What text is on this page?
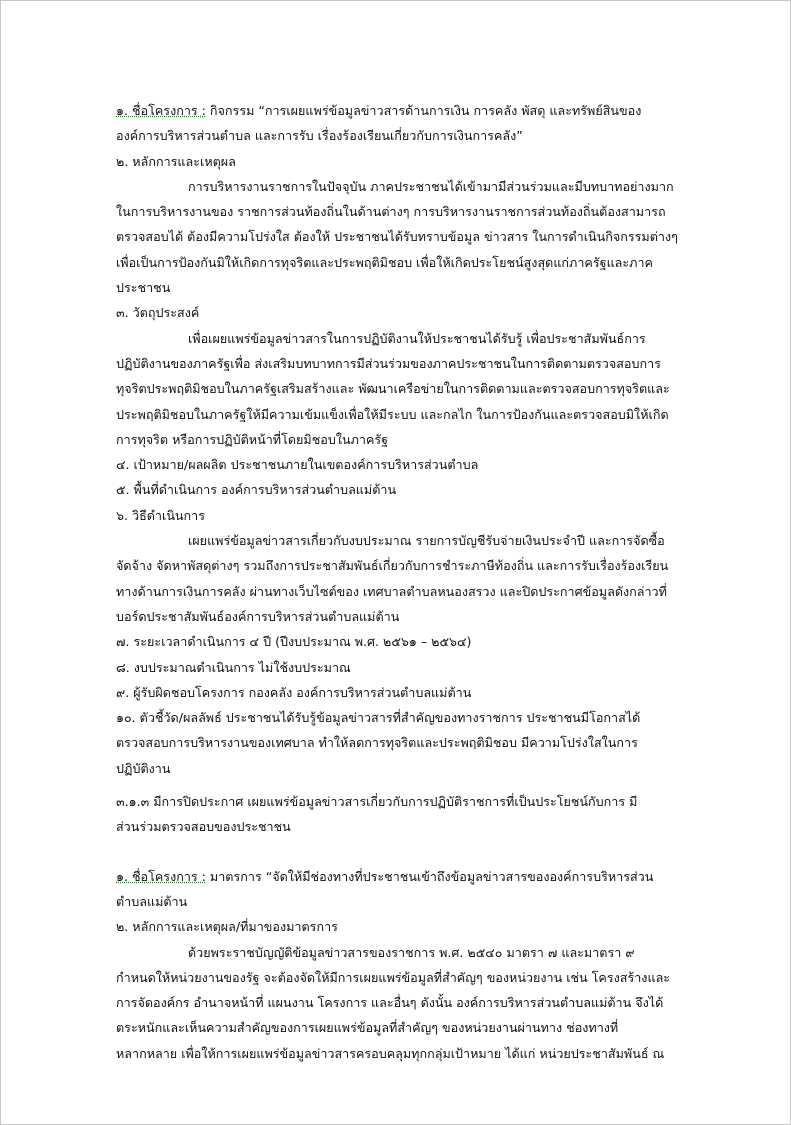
๑. ชื่อโครงการ : กิจกรรม “การเผยแพร่ข้อมูลข่าวสารด้านการเงิน การคลัง พัสดุ และทรัพย์สินของ
องค์การบริหารส่วนตำบล และการรับ เรื่องร้องเรียนเกี่ยวกับการเงินการคลัง”
๒. หลักการและเหตุผล
การบริหารงานราชการในปัจจุบัน ภาคประชาชนได้เข้ามามีส่วนร่วมและมีบทบาทอย่างมาก
ในการบริหารงานของ ราชการส่วนท้องถิ่นในด้านต่างๆ การบริหารงานราชการส่วนท้องถิ่นต้องสามารถ
ตรวจสอบได้ ต้องมีความโปร่งใส ต้องให้ ประชาชนได้รับทราบข้อมูล ข่าวสาร ในการดำเนินกิจกรรมต่างๆ
เพื่อเป็นการป้องกันมิให้เกิดการทุจริตและประพฤติมิชอบ เพื่อให้เกิดประโยชน์สูงสุดแก่ภาครัฐและภาค
ประชาชน
๓. วัตถุประสงค์
เพื่อเผยแพร่ข้อมูลข่าวสารในการปฏิบัติงานให้ประชาชนได้รับรู้ เพื่อประชาสัมพันธ์การ
ปฏิบัติงานของภาครัฐเพื่อ ส่งเสริมบทบาทการมีส่วนร่วมของภาคประชาชนในการติดตามตรวจสอบการ
ทุจริตประพฤติมิชอบในภาครัฐเสริมสร้างและ พัฒนาเครือข่ายในการติดตามและตรวจสอบการทุจริตและ
ประพฤติมิชอบในภาครัฐให้มีความเข้มแข็งเพื่อให้มีระบบ และกลไก ในการป้องกันและตรวจสอบมิให้เกิด
การทุจริต หรือการปฏิบัติหน้าที่โดยมิชอบในภาครัฐ
๔. เป้าหมาย/ผลผลิต ประชาชนภายในเขตองค์การบริหารส่วนตำบล
๕. พื้นที่ดำเนินการ องค์การบริหารส่วนตำบลแม่ต้าน
๖. วิธีดำเนินการ
เผยแพร่ข้อมูลข่าวสารเกี่ยวกับงบประมาณ รายการบัญชีรับจ่ายเงินประจำปี และการจัดซื้อ
จัดจ้าง จัดหาพัสดุต่างๆ รวมถึงการประชาสัมพันธ์เกี่ยวกับการชำระภาษีท้องถิ่น และการรับเรื่องร้องเรียน
ทางด้านการเงินการคลัง ผ่านทางเว็บไซต์ของ เทศบาลตำบลหนองสรวง และปิดประกาศข้อมูลดังกล่าวที่
บอร์ดประชาสัมพันธ์องค์การบริหารส่วนตำบลแม่ต้าน
๗. ระยะเวลาดำเนินการ ๔ ปี (ปีงบประมาณ พ.ศ. ๒๕๖๑ – ๒๕๖๔)
๘. งบประมาณดำเนินการ ไม่ใช้งบประมาณ
๙. ผู้รับผิดชอบโครงการ กองคลัง องค์การบริหารส่วนตำบลแม่ต้าน
๑๐. ตัวชี้วัด/ผลลัพธ์ ประชาชนได้รับรู้ข้อมูลข่าวสารที่สำคัญของทางราชการ ประชาชนมีโอกาสได้
ตรวจสอบการบริหารงานของเทศบาล ทำให้ลดการทุจริตและประพฤติมิชอบ มีความโปร่งใสในการ
ปฏิบัติงาน
๓.๑.๓ มีการปิดประกาศ เผยแพร่ข้อมูลข่าวสารเกี่ยวกับการปฏิบัติราชการที่เป็นประโยชน์กับการ มี
ส่วนร่วมตรวจสอบของประชาชน
๑. ชื่อโครงการ : มาตรการ “จัดให้มีช่องทางที่ประชาชนเข้าถึงข้อมูลข่าวสารขององค์การบริหารส่วน
ตำบลแม่ต้าน
๒. หลักการและเหตุผล/ที่มาของมาตรการ
ด้วยพระราชบัญญัติข้อมูลข่าวสารของราชการ พ.ศ. ๒๕๔๐ มาตรา ๗ และมาตรา ๙
กำหนดให้หน่วยงานของรัฐ จะต้องจัดให้มีการเผยแพร่ข้อมูลที่สำคัญๆ ของหน่วยงาน เช่น โครงสร้างและ
การจัดองค์กร อำนาจหน้าที่ แผนงาน โครงการ และอื่นๆ ดังนั้น องค์การบริหารส่วนตำบลแม่ต้าน จึงได้
ตระหนักและเห็นความสำคัญของการเผยแพร่ข้อมูลที่สำคัญๆ ของหน่วยงานผ่านทาง ช่องทางที่
หลากหลาย เพื่อให้การเผยแพร่ข้อมูลข่าวสารครอบคลุมทุกกลุ่มเป้าหมาย ได้แก่ หน่วยประชาสัมพันธ์ ณ
